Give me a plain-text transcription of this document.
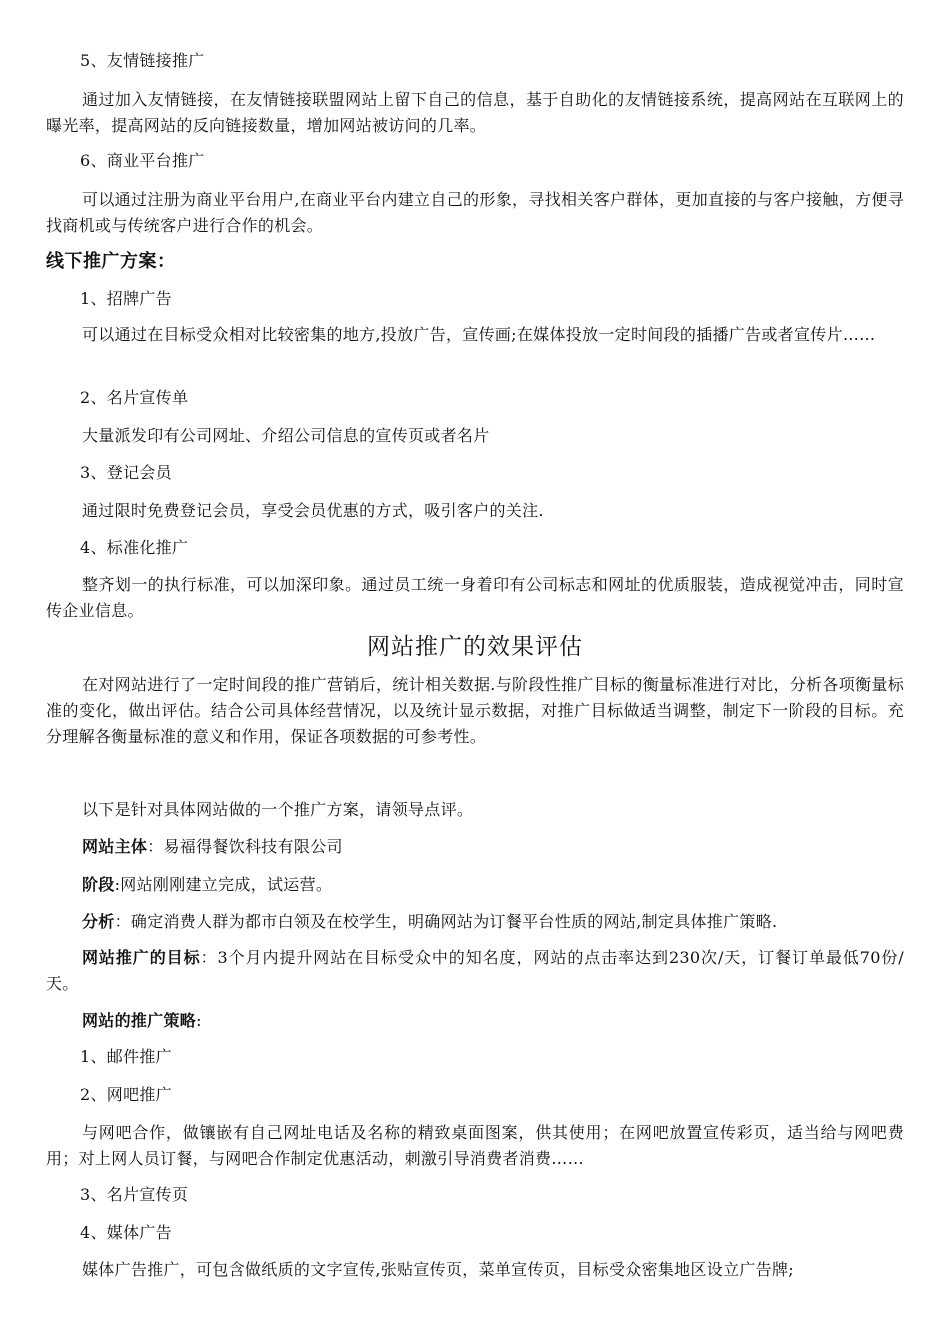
5、友情链接推广
通过加入友情链接，在友情链接联盟网站上留下自己的信息，基于自助化的友情链接系统，提高网站在互联网上的曝光率，提高网站的反向链接数量，增加网站被访问的几率。
6、商业平台推广
可以通过注册为商业平台用户,在商业平台内建立自己的形象，寻找相关客户群体，更加直接的与客户接触，方便寻找商机或与传统客户进行合作的机会。
线下推广方案：
1、招牌广告
可以通过在目标受众相对比较密集的地方,投放广告，宣传画;在媒体投放一定时间段的插播广告或者宣传片……
2、名片宣传单
大量派发印有公司网址、介绍公司信息的宣传页或者名片
3、登记会员
通过限时免费登记会员，享受会员优惠的方式，吸引客户的关注.
4、标准化推广
整齐划一的执行标准，可以加深印象。通过员工统一身着印有公司标志和网址的优质服装，造成视觉冲击，同时宣传企业信息。
网站推广的效果评估
在对网站进行了一定时间段的推广营销后，统计相关数据.与阶段性推广目标的衡量标准进行对比，分析各项衡量标准的变化，做出评估。结合公司具体经营情况，以及统计显示数据，对推广目标做适当调整，制定下一阶段的目标。充分理解各衡量标准的意义和作用，保证各项数据的可参考性。
以下是针对具体网站做的一个推广方案，请领导点评。
网站主体：易福得餐饮科技有限公司
阶段:网站刚刚建立完成，试运营。
分析：确定消费人群为都市白领及在校学生，明确网站为订餐平台性质的网站,制定具体推广策略.
网站推广的目标：3个月内提升网站在目标受众中的知名度，网站的点击率达到230次/天，订餐订单最低70份/天。
网站的推广策略:
1、邮件推广
2、网吧推广
与网吧合作，做镶嵌有自己网址电话及名称的精致桌面图案，供其使用；在网吧放置宣传彩页，适当给与网吧费用；对上网人员订餐，与网吧合作制定优惠活动，刺激引导消费者消费……
3、名片宣传页
4、媒体广告
媒体广告推广，可包含做纸质的文字宣传,张贴宣传页，菜单宣传页，目标受众密集地区设立广告牌;
